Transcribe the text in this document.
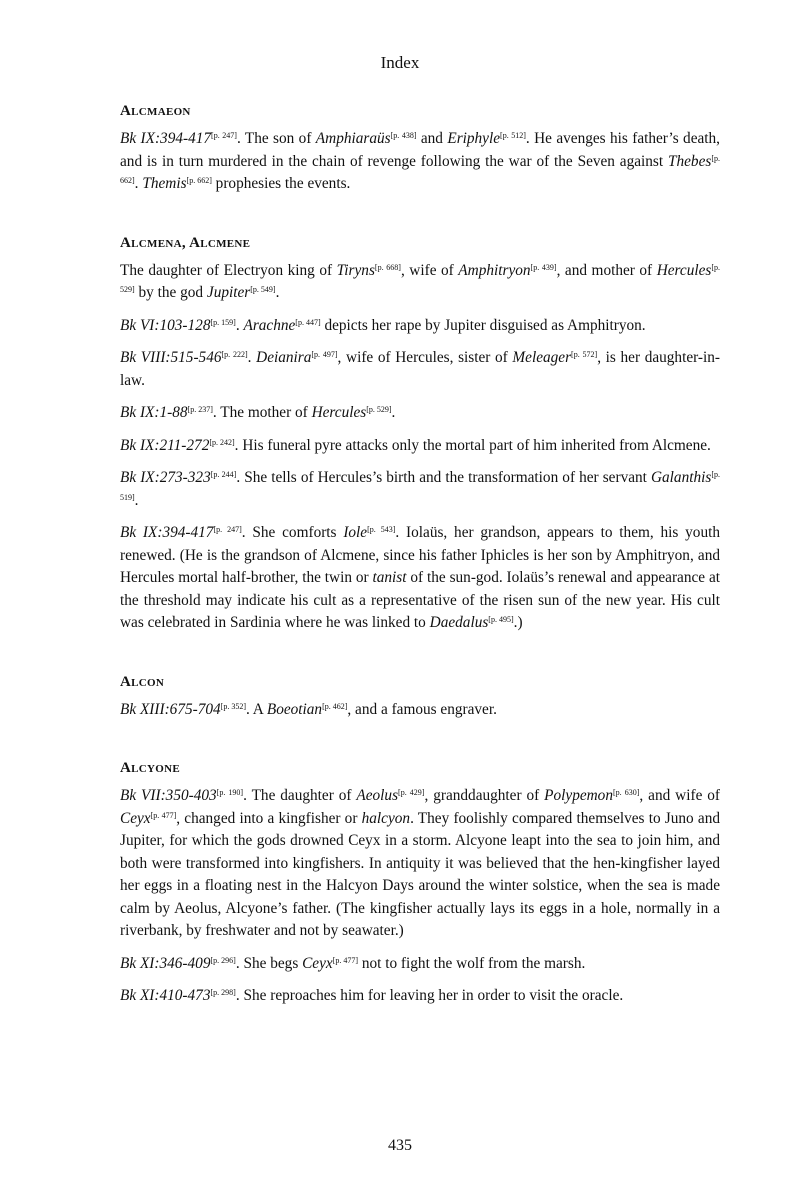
Index
Alcmaeon

Bk IX:394-417[p. 247]. The son of Amphiaraüs[p. 438] and Eriphyle[p. 512]. He avenges his father’s death, and is in turn murdered in the chain of revenge following the war of the Seven against Thebes[p. 662]. Themis[p. 662] prophesies the events.

Alcmena, Alcmene

The daughter of Electryon king of Tiryns[p. 668], wife of Amphitryon[p. 439], and mother of Hercules[p. 529] by the god Jupiter[p. 549].

Bk VI:103-128[p. 159]. Arachne[p. 447] depicts her rape by Jupiter disguised as Amphitryon.

Bk VIII:515-546[p. 222]. Deianira[p. 497], wife of Hercules, sister of Meleager[p. 572], is her daughter-in-law.

Bk IX:1-88[p. 237]. The mother of Hercules[p. 529].

Bk IX:211-272[p. 242]. His funeral pyre attacks only the mortal part of him inherited from Alcmene.

Bk IX:273-323[p. 244]. She tells of Hercules’s birth and the transformation of her servant Galanthis[p. 519].

Bk IX:394-417[p. 247]. She comforts Iole[p. 543]. Iolaüs, her grandson, appears to them, his youth renewed. (He is the grandson of Alcmene, since his father Iphicles is her son by Amphitryon, and Hercules mortal half-brother, the twin or tanist of the sun-god. Iolaüs’s renewal and appearance at the threshold may indicate his cult as a representative of the risen sun of the new year. His cult was celebrated in Sardinia where he was linked to Daedalus[p. 495].)

Alcon

Bk XIII:675-704[p. 352]. A Boeotian[p. 462], and a famous engraver.

Alcyone

Bk VII:350-403[p. 190]. The daughter of Aeolus[p. 429], granddaughter of Polypemon[p. 630], and wife of Ceyx[p. 477], changed into a kingfisher or halcyon. They foolishly compared themselves to Juno and Jupiter, for which the gods drowned Ceyx in a storm. Alcyone leapt into the sea to join him, and both were transformed into kingfishers. In antiquity it was believed that the hen-kingfisher layed her eggs in a floating nest in the Halcyon Days around the winter solstice, when the sea is made calm by Aeolus, Alcyone’s father. (The kingfisher actually lays its eggs in a hole, normally in a riverbank, by freshwater and not by seawater.)

Bk XI:346-409[p. 296]. She begs Ceyx[p. 477] not to fight the wolf from the marsh.

Bk XI:410-473[p. 298]. She reproaches him for leaving her in order to visit the oracle.

435
